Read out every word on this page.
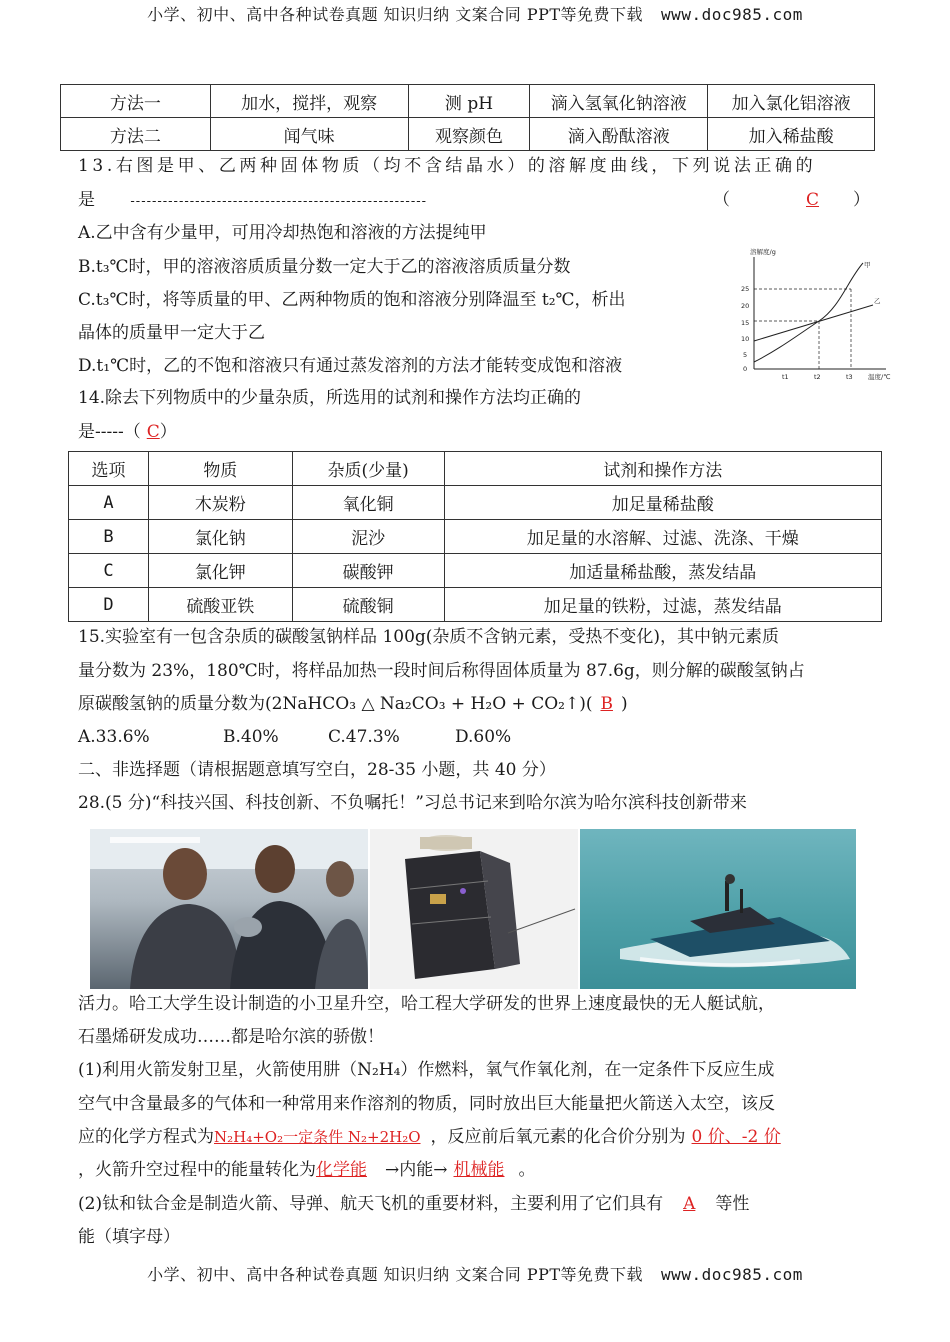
小学、初中、高中各种试卷真题 知识归纳 文案合同 PPT等免费下载 www.doc985.com
方法一	加水，搅拌，观察	测 pH	滴入氢氧化钠溶液	加入氯化铝溶液
方法二	闻气味	观察颜色	滴入酚酞溶液	加入稀盐酸
13.右图是甲、乙两种固体物质（均不含结晶水）的溶解度曲线，下列说法正确的
是	-------------------------------------------------------	（	C ）
A.乙中含有少量甲，可用冷却热饱和溶液的方法提纯甲
B.t₃℃时，甲的溶液溶质质量分数一定大于乙的溶液溶质质量分数
C.t₃℃时，将等质量的甲、乙两种物质的饱和溶液分别降温至 t₂℃，析出
晶体的质量甲一定大于乙
D.t₁℃时，乙的不饱和溶液只有通过蒸发溶剂的方法才能转变成饱和溶液
溶解度/g
温度/℃
甲
乙
25
20
15
10
5
0
t1	t2	t3
14.除去下列物质中的少量杂质，所选用的试剂和操作方法均正确的
是-----（ C）
选项	物质	杂质(少量)	试剂和操作方法
A	木炭粉	氧化铜	加足量稀盐酸
B	氯化钠	泥沙	加足量的水溶解、过滤、洗涤、干燥
C	氯化钾	碳酸钾	加适量稀盐酸，蒸发结晶
D	硫酸亚铁	硫酸铜	加足量的铁粉，过滤，蒸发结晶
15.实验室有一包含杂质的碳酸氢钠样品 100g(杂质不含钠元素，受热不变化)，其中钠元素质
量分数为 23%，180℃时，将样品加热一段时间后称得固体质量为 87.6g，则分解的碳酸氢钠占
原碳酸氢钠的质量分数为(2NaHCO₃ △ Na₂CO₃ + H₂O + CO₂↑)( B )
A.33.6%	B.40%	C.47.3%	D.60%
二、非选择题（请根据题意填写空白，28-35 小题，共 40 分）
28.(5 分)“科技兴国、科技创新、不负嘱托！”习总书记来到哈尔滨为哈尔滨科技创新带来
活力。哈工大学生设计制造的小卫星升空，哈工程大学研发的世界上速度最快的无人艇试航，
石墨烯研发成功……都是哈尔滨的骄傲！
(1)利用火箭发射卫星，火箭使用肼（N₂H₄）作燃料，氧气作氧化剂，在一定条件下反应生成
空气中含量最多的气体和一种常用来作溶剂的物质，同时放出巨大能量把火箭送入太空，该反
应的化学方程式为N₂H₄+O₂一定条件 N₂+2H₂O ，反应前后氧元素的化合价分别为 0 价、-2 价
，火箭升空过程中的能量转化为化学能 →内能→ 机械能 。
(2)钛和钛合金是制造火箭、导弹、航天飞机的重要材料，主要利用了它们具有 A 等性
能（填字母）
小学、初中、高中各种试卷真题 知识归纳 文案合同 PPT等免费下载 www.doc985.com
